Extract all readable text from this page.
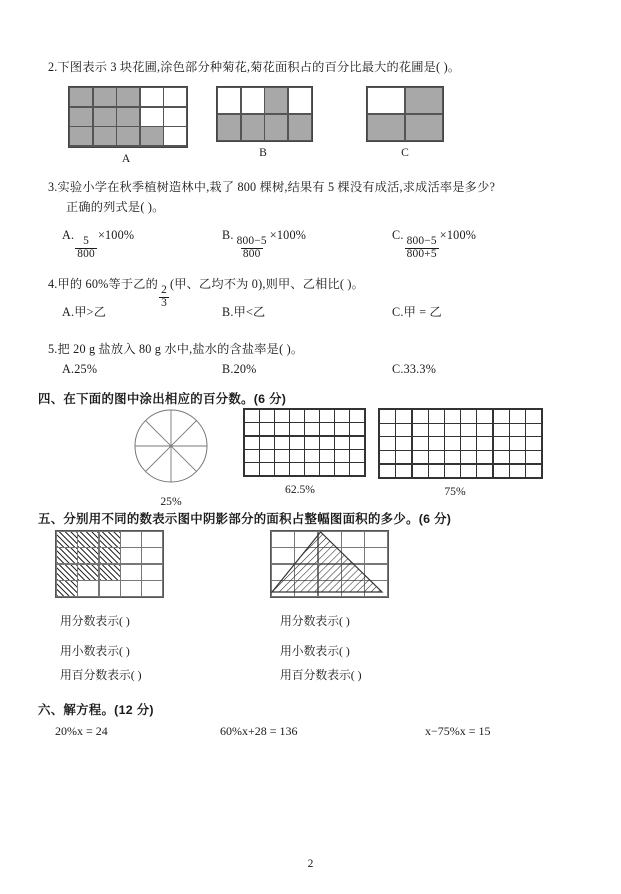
2.下图表示 3 块花圃,涂色部分种菊花,菊花面积占的百分比最大的花圃是( )。
A	B	C
3.实验小学在秋季植树造林中,栽了 800 棵树,结果有 5 棵没有成活,求成活率是多少?
正确的列式是( )。
A.
$\frac{5}{800}$
×100%	B.
$\frac{800-5}{800}$
×100%	C.
$\frac{800-5}{800+5}$
×100%
4.甲的 60%等于乙的
$\frac{2}{3}$
(甲、乙均不为 0),则甲、乙相比( )。
A.甲>乙	B.甲<乙	C.甲 = 乙
5.把 20 g 盐放入 80 g 水中,盐水的含盐率是( )。
A.25%	B.20%	C.33.3%
四、在下面的图中涂出相应的百分数。(6 分)
25%
62.5%	75%
五、分别用不同的数表示图中阴影部分的面积占整幅图面积的多少。(6 分)
用分数表示( )
用小数表示( )
用百分数表示( )
用分数表示( )
用小数表示( )
用百分数表示( )
六、解方程。(12 分)
20%x = 24	60%x+28 = 136	x−75%x = 15
2
